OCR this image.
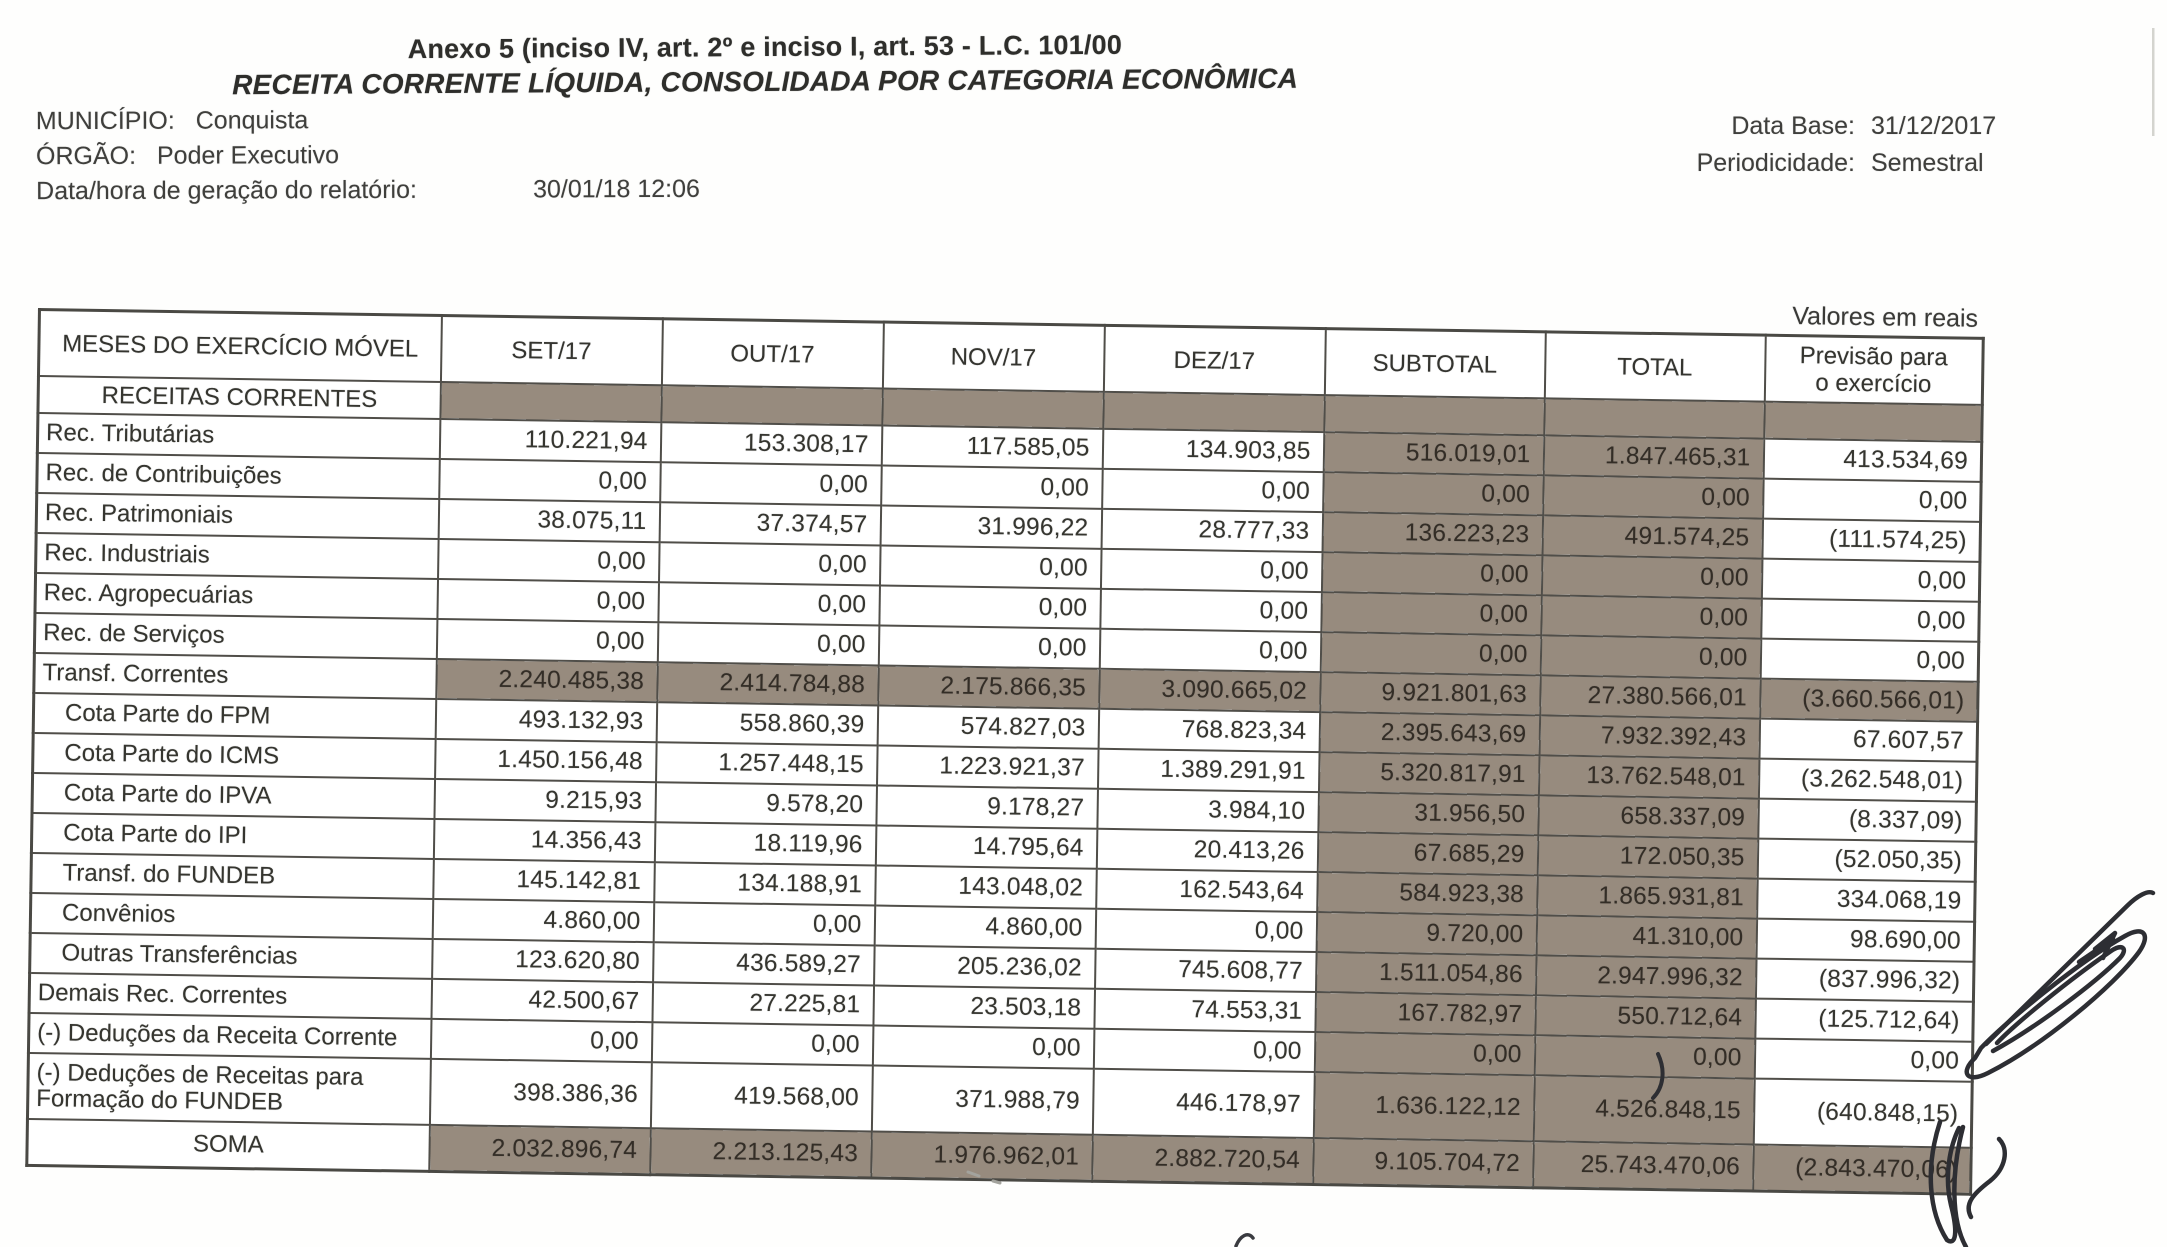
Anexo 5 (inciso IV, art. 2º e inciso I, art. 53 - L.C. 101/00
RECEITA CORRENTE LÍQUIDA, CONSOLIDADA POR CATEGORIA ECONÔMICA
MUNICÍPIO: Conquista
ÓRGÃO: Poder Executivo
Data/hora de geração do relatório:	30/01/18 12:06
Data Base: 31/12/2017
Periodicidade: Semestral
Valores em reais
MESES DO EXERCÍCIO MÓVEL	SET/17	OUT/17	NOV/17	DEZ/17	SUBTOTAL	TOTAL	Previsão para
o exercício
RECEITAS CORRENTES							
Rec. Tributárias	110.221,94	153.308,17	117.585,05	134.903,85	516.019,01	1.847.465,31	413.534,69
Rec. de Contribuições	0,00	0,00	0,00	0,00	0,00	0,00	0,00
Rec. Patrimoniais	38.075,11	37.374,57	31.996,22	28.777,33	136.223,23	491.574,25	(111.574,25)
Rec. Industriais	0,00	0,00	0,00	0,00	0,00	0,00	0,00
Rec. Agropecuárias	0,00	0,00	0,00	0,00	0,00	0,00	0,00
Rec. de Serviços	0,00	0,00	0,00	0,00	0,00	0,00	0,00
Transf. Correntes	2.240.485,38	2.414.784,88	2.175.866,35	3.090.665,02	9.921.801,63	27.380.566,01	(3.660.566,01)
Cota Parte do FPM	493.132,93	558.860,39	574.827,03	768.823,34	2.395.643,69	7.932.392,43	67.607,57
Cota Parte do ICMS	1.450.156,48	1.257.448,15	1.223.921,37	1.389.291,91	5.320.817,91	13.762.548,01	(3.262.548,01)
Cota Parte do IPVA	9.215,93	9.578,20	9.178,27	3.984,10	31.956,50	658.337,09	(8.337,09)
Cota Parte do IPI	14.356,43	18.119,96	14.795,64	20.413,26	67.685,29	172.050,35	(52.050,35)
Transf. do FUNDEB	145.142,81	134.188,91	143.048,02	162.543,64	584.923,38	1.865.931,81	334.068,19
Convênios	4.860,00	0,00	4.860,00	0,00	9.720,00	41.310,00	98.690,00
Outras Transferências	123.620,80	436.589,27	205.236,02	745.608,77	1.511.054,86	2.947.996,32	(837.996,32)
Demais Rec. Correntes	42.500,67	27.225,81	23.503,18	74.553,31	167.782,97	550.712,64	(125.712,64)
(-) Deduções da Receita Corrente	0,00	0,00	0,00	0,00	0,00	0,00	0,00
(-) Deduções de Receitas para Formação do FUNDEB	398.386,36	419.568,00	371.988,79	446.178,97	1.636.122,12	4.526.848,15	(640.848,15)
SOMA	2.032.896,74	2.213.125,43	1.976.962,01	2.882.720,54	9.105.704,72	25.743.470,06	(2.843.470,06)
